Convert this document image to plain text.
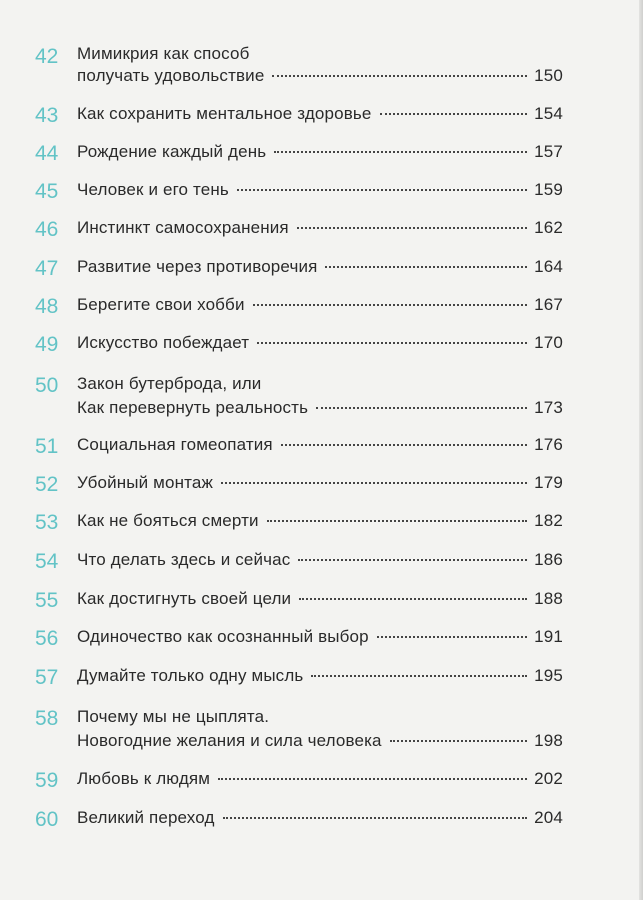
42 Мимикрия как способ
получать удовольствие	150
43 Как сохранить ментальное здоровье	154
44 Рождение каждый день	157
45 Человек и его тень	159
46 Инстинкт самосохранения	162
47 Развитие через противоречия	164
48 Берегите свои хобби	167
49 Искусство побеждает	170
50 Закон бутерброда, или
Как перевернуть реальность	173
51 Социальная гомеопатия	176
52 Убойный монтаж	179
53 Как не бояться смерти	182
54 Что делать здесь и сейчас	186
55 Как достигнуть своей цели	188
56 Одиночество как осознанный выбор	191
57 Думайте только одну мысль	195
58 Почему мы не цыплята.
Новогодние желания и сила человека	198
59 Любовь к людям	202
60 Великий переход	204
